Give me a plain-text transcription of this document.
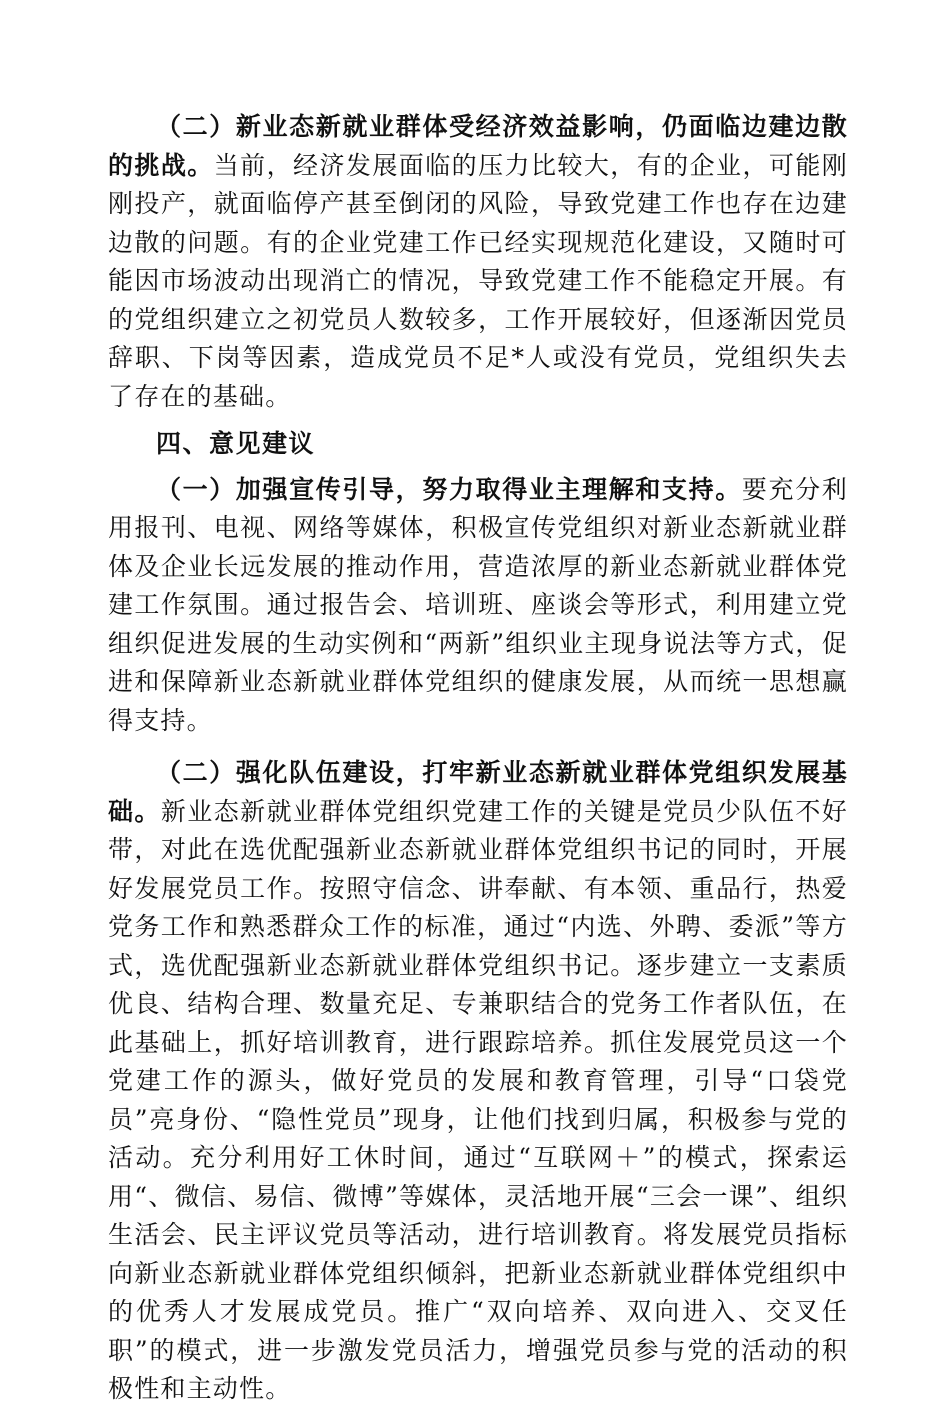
（二）新业态新就业群体受经济效益影响，仍面临边建边散的挑战。当前，经济发展面临的压力比较大，有的企业，可能刚刚投产，就面临停产甚至倒闭的风险，导致党建工作也存在边建边散的问题。有的企业党建工作已经实现规范化建设，又随时可能因市场波动出现消亡的情况，导致党建工作不能稳定开展。有的党组织建立之初党员人数较多，工作开展较好，但逐渐因党员辞职、下岗等因素，造成党员不足*人或没有党员，党组织失去了存在的基础。

四、意见建议

（一）加强宣传引导，努力取得业主理解和支持。要充分利用报刊、电视、网络等媒体，积极宣传党组织对新业态新就业群体及企业长远发展的推动作用，营造浓厚的新业态新就业群体党建工作氛围。通过报告会、培训班、座谈会等形式，利用建立党组织促进发展的生动实例和“两新”组织业主现身说法等方式，促进和保障新业态新就业群体党组织的健康发展，从而统一思想赢得支持。

（二）强化队伍建设，打牢新业态新就业群体党组织发展基础。新业态新就业群体党组织党建工作的关键是党员少队伍不好带，对此在选优配强新业态新就业群体党组织书记的同时，开展好发展党员工作。按照守信念、讲奉献、有本领、重品行，热爱党务工作和熟悉群众工作的标准，通过“内选、外聘、委派”等方式，选优配强新业态新就业群体党组织书记。逐步建立一支素质优良、结构合理、数量充足、专兼职结合的党务工作者队伍，在此基础上，抓好培训教育，进行跟踪培养。抓住发展党员这一个党建工作的源头，做好党员的发展和教育管理，引导“口袋党员”亮身份、“隐性党员”现身，让他们找到归属，积极参与党的活动。充分利用好工休时间，通过“互联网＋”的模式，探索运用“、微信、易信、微博”等媒体，灵活地开展“三会一课”、组织生活会、民主评议党员等活动，进行培训教育。将发展党员指标向新业态新就业群体党组织倾斜，把新业态新就业群体党组织中的优秀人才发展成党员。推广“双向培养、双向进入、交叉任职”的模式，进一步激发党员活力，增强党员参与党的活动的积极性和主动性。
